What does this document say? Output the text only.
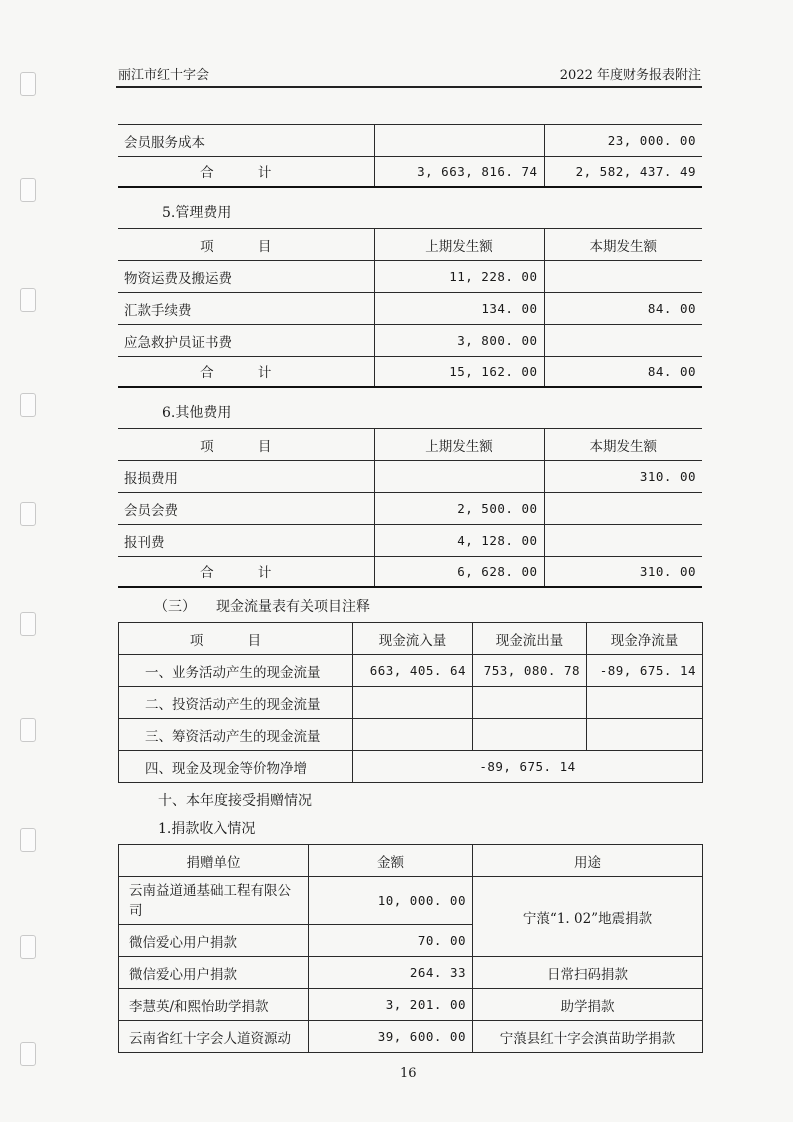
丽江市红十字会	2022 年度财务报表附注
会员服务成本		23, 000. 00
合 计	3, 663, 816. 74	2, 582, 437. 49
5.管理费用
项 目	上期发生额	本期发生额
物资运费及搬运费	11, 228. 00	
汇款手续费	134. 00	84. 00
应急救护员证书费	3, 800. 00	
合 计	15, 162. 00	84. 00
6.其他费用
项 目	上期发生额	本期发生额
报损费用		310. 00
会员会费	2, 500. 00	
报刊费	4, 128. 00	
合 计	6, 628. 00	310. 00
（三） 现金流量表有关项目注释
项 目	现金流入量	现金流出量	现金净流量
一、业务活动产生的现金流量	663, 405. 64	753, 080. 78	-89, 675. 14
二、投资活动产生的现金流量			
三、筹资活动产生的现金流量			
四、现金及现金等价物净增	-89, 675. 14		
十、本年度接受捐赠情况
1.捐款收入情况
捐赠单位	金额	用途
云南益道通基础工程有限公司	10, 000. 00	宁蒗“1. 02”地震捐款
微信爱心用户捐款	70. 00	
微信爱心用户捐款	264. 33	日常扫码捐款
李慧英/和熙怡助学捐款	3, 201. 00	助学捐款
云南省红十字会人道资源动	39, 600. 00	宁蒗县红十字会滇苗助学捐款
16
